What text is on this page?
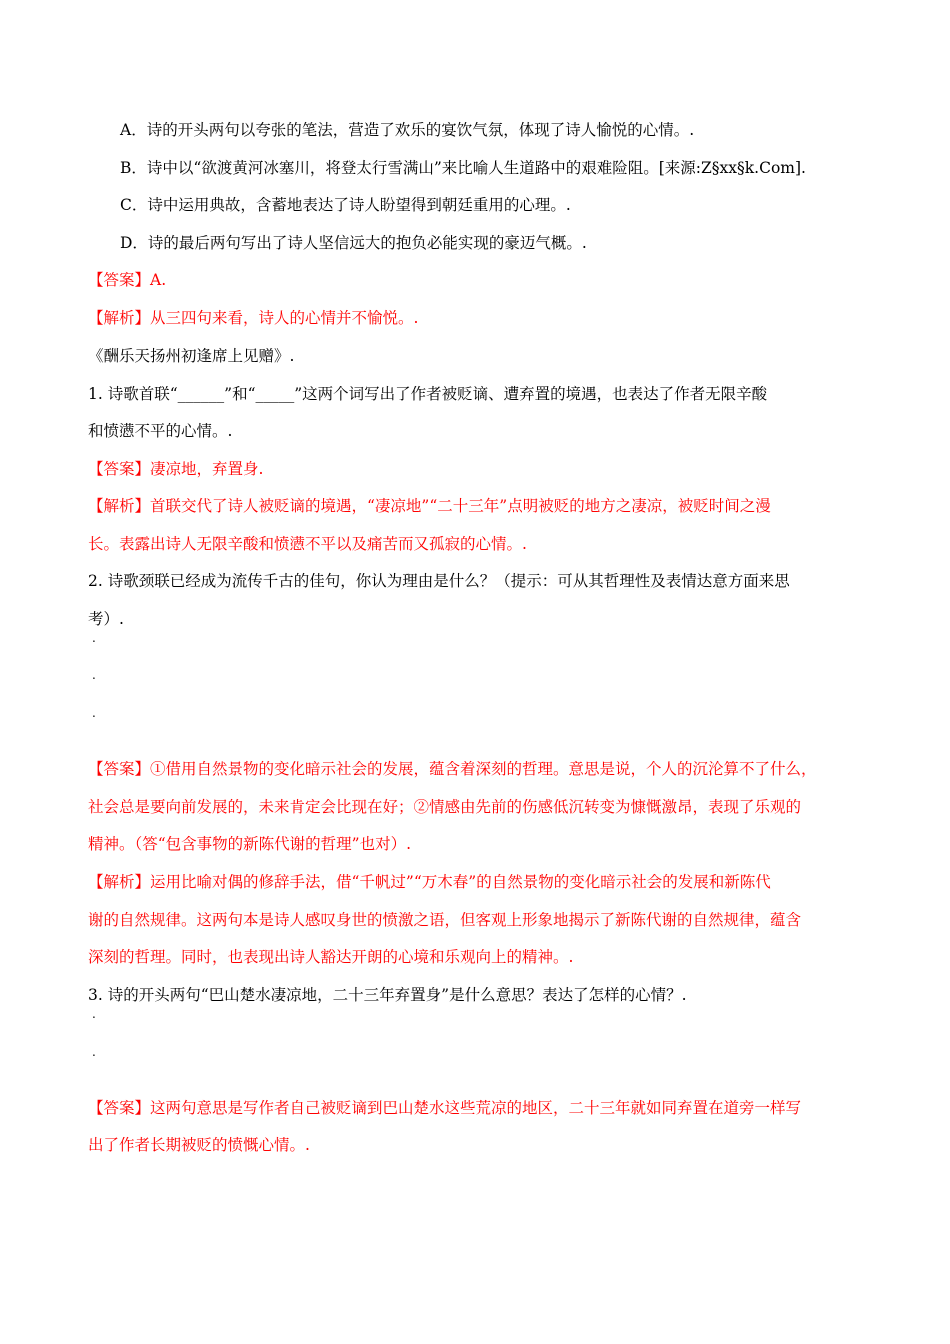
A．诗的开头两句以夸张的笔法，营造了欢乐的宴饮气氛，体现了诗人愉悦的心情。.
B．诗中以“欲渡黄河冰塞川，将登太行雪满山”来比喻人生道路中的艰难险阻。[来源:Z§xx§k.Com].
C．诗中运用典故，含蓄地表达了诗人盼望得到朝廷重用的心理。.
D．诗的最后两句写出了诗人坚信远大的抱负必能实现的豪迈气概。.
【答案】A.
【解析】从三四句来看，诗人的心情并不愉悦。.
《酬乐天扬州初逢席上见赠》.
1. 诗歌首联“______”和“_____”这两个词写出了作者被贬谪、遭弃置的境遇，也表达了作者无限辛酸
和愤懑不平的心情。.
【答案】凄凉地，弃置身.
【解析】首联交代了诗人被贬谪的境遇，“凄凉地”“二十三年”点明被贬的地方之凄凉，被贬时间之漫
长。表露出诗人无限辛酸和愤懑不平以及痛苦而又孤寂的心情。.
2. 诗歌颈联已经成为流传千古的佳句，你认为理由是什么？（提示：可从其哲理性及表情达意方面来思
考）.
.
.
.
【答案】①借用自然景物的变化暗示社会的发展，蕴含着深刻的哲理。意思是说，个人的沉沦算不了什么，
社会总是要向前发展的，未来肯定会比现在好；②情感由先前的伤感低沉转变为慷慨激昂，表现了乐观的
精神。（答“包含事物的新陈代谢的哲理”也对）.
【解析】运用比喻对偶的修辞手法，借“千帆过”“万木春”的自然景物的变化暗示社会的发展和新陈代
谢的自然规律。这两句本是诗人感叹身世的愤激之语，但客观上形象地揭示了新陈代谢的自然规律，蕴含
深刻的哲理。同时，也表现出诗人豁达开朗的心境和乐观向上的精神。.
3. 诗的开头两句“巴山楚水凄凉地，二十三年弃置身”是什么意思？表达了怎样的心情？.
.
.
【答案】这两句意思是写作者自己被贬谪到巴山楚水这些荒凉的地区，二十三年就如同弃置在道旁一样写
出了作者长期被贬的愤慨心情。.
